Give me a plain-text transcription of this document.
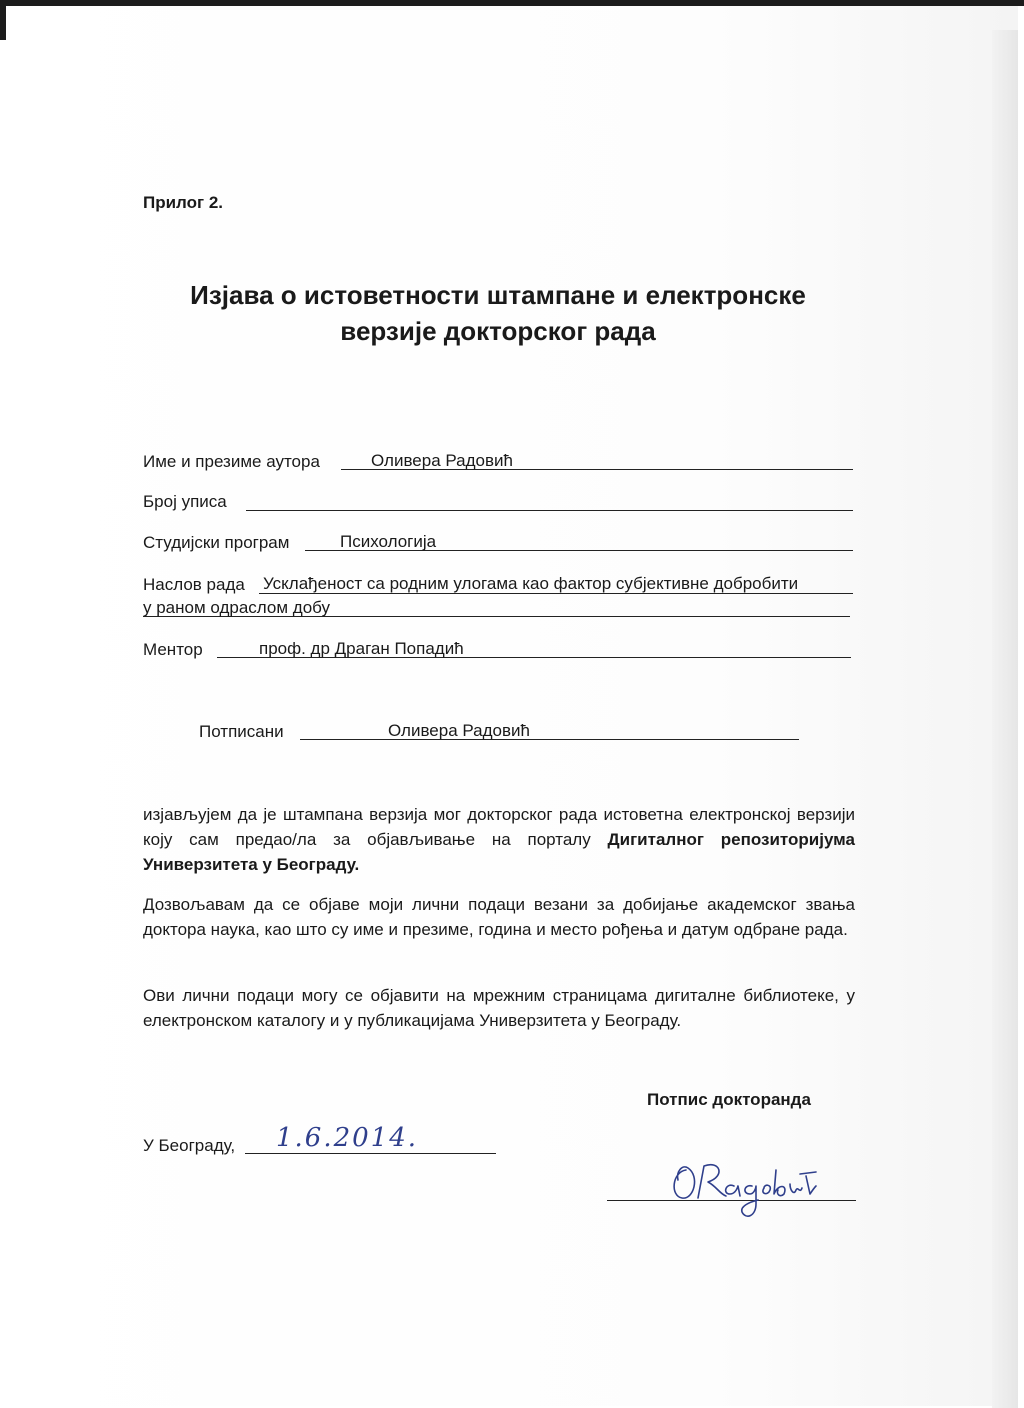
Прилог 2.
Изјава о истоветности штампане и електронске
верзије докторског рада
Име и презиме аутора	Оливера Радовић
Број уписа
Студијски програм	Психологија
Наслов рада Усклађеност са родним улогама као фактор субјективне добробити
у раном одраслом добу
Ментор	проф. др Драган Попадић
Потписани	Оливера Радовић
изјављујем да је штампана верзија мог докторског рада истоветна електронској верзији коју сам предао/ла за објављивање на порталу Дигиталног репозиторијума Универзитета у Београду.
Дозвољавам да се објаве моји лични подаци везани за добијање академског звања доктора наука, као што су име и презиме, година и место рођења и датум одбране рада.
Ови лични подаци могу се објавити на мрежним страницама дигиталне библиотеке, у електронском каталогу и у публикацијама Универзитета у Београду.
Потпис докторанда
У Београду, 1.6.2014.
